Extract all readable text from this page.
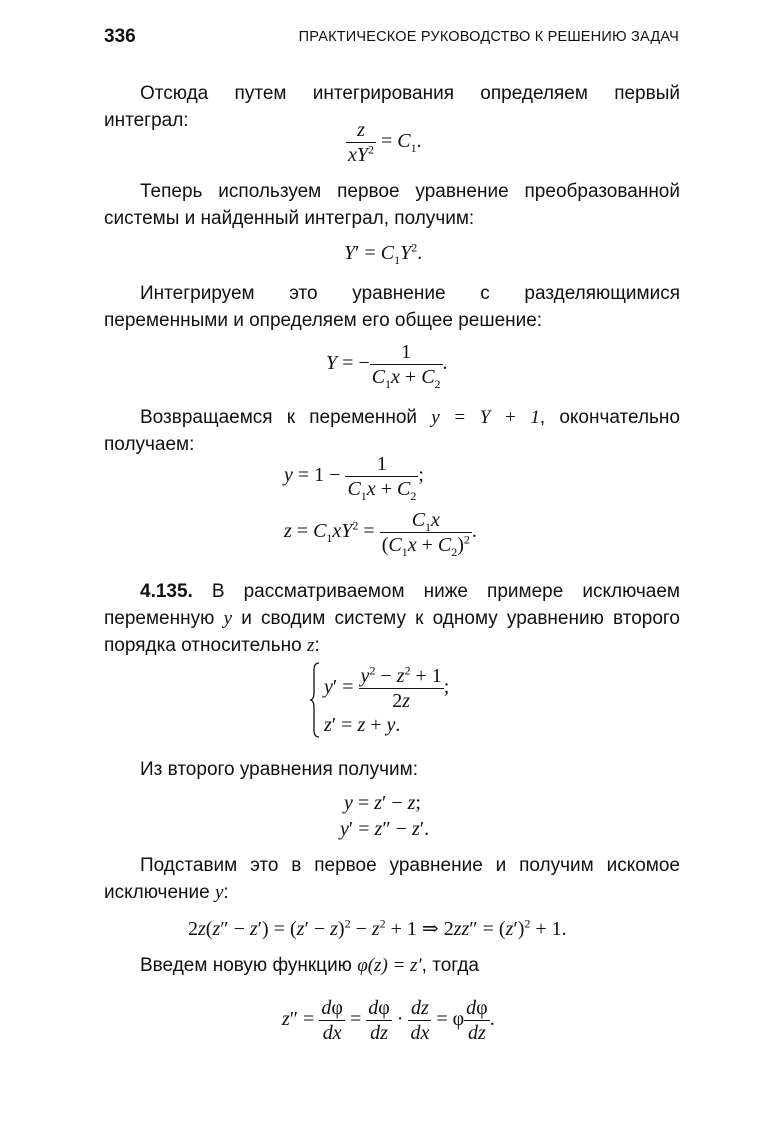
336	ПРАКТИЧЕСКОЕ РУКОВОДСТВО К РЕШЕНИЮ ЗАДАЧ
Отсюда путем интегрирования определяем первый интеграл:	$\frac{z}{xY^2} = C_1$.
Теперь используем первое уравнение преобразованной системы и найденный интеграл, получим:
$Y' = C_1Y^2$.
Интегрируем это уравнение с разделяющимися переменными и определяем его общее решение:
Y = − $\frac{1}{C_1x + C_2}$ .
Возвращаемся к переменной y = Y + 1, окончательно получаем:
$y = 1 - \frac{1}{C_1x + C_2}$ ;
$z = C_1xY^2 = \frac{C_1x}{(C_1x + C_2)^2}$ .
4.135. В рассматриваемом ниже примере исключаем переменную y и сводим систему к одному уравнению второго порядка относительно z:
$y' = \frac{y^2 - z^2 + 1}{2z}$ ;
z′ = z + y.
Из второго уравнения получим:
y = z′ − z;
y′ = z″ − z′.
Подставим это в первое уравнение и получим искомое исключение y:
$2z(z'' - z') = (z' - z)^2 - z^2 + 1$ ⇒ $2zz'' = (z')^2 + 1$.
Введем новую функцию φ(z) = z′, тогда
$z'' = \frac{d\varphi}{dx} = \frac{d\varphi}{dz} \cdot \frac{dz}{dx} = \varphi \frac{d\varphi}{dz}$ .
